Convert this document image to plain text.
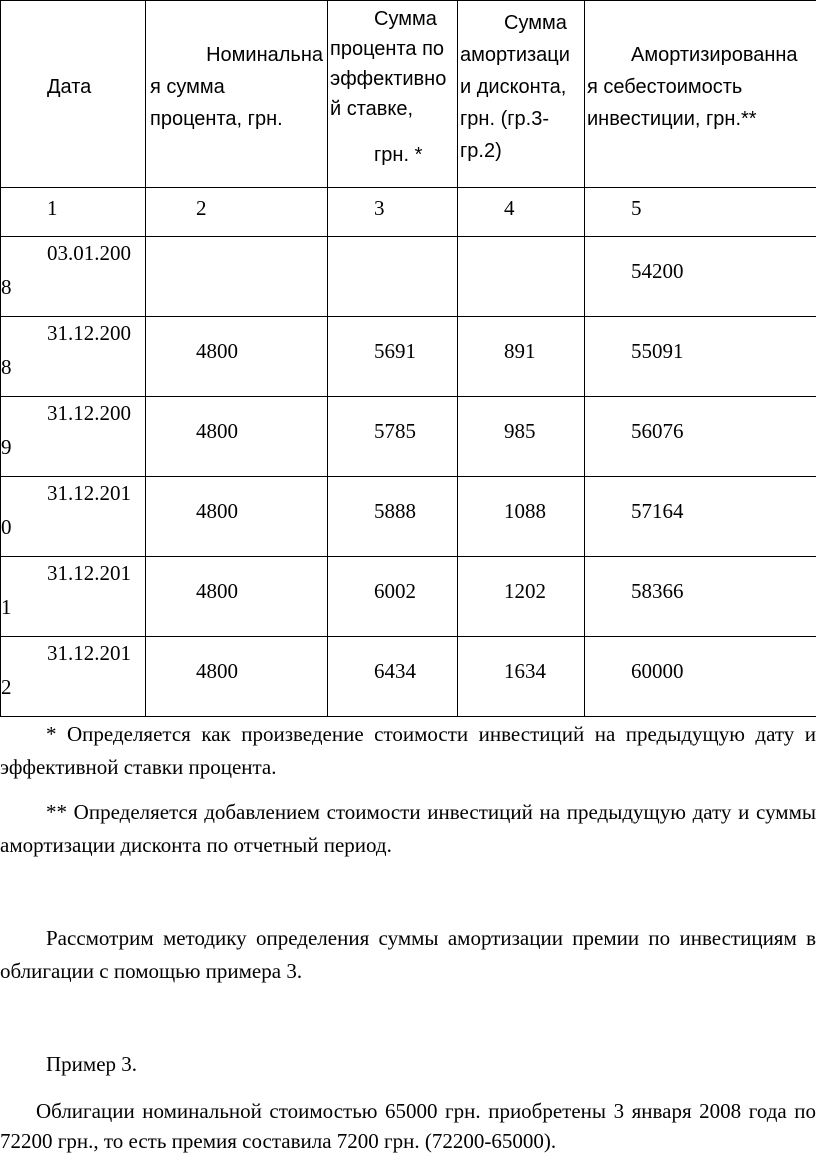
Дата	Номинальна
я сумма
процента, грн.	Сумма
процента по
эффективно
й ставке,
грн. *	Сумма
амортизаци
и дисконта,
грн. (гр.3-
гр.2)	Амортизированна
я себестоимость
инвестиции, грн.**

1	2	3	4	5

03.01.200
8				54200

31.12.200
8	4800	5691	891	55091

31.12.200
9	4800	5785	985	56076

31.12.201
0	4800	5888	1088	57164

31.12.201
1	4800	6002	1202	58366

31.12.201
2	4800	6434	1634	60000

* Определяется как произведение стоимости инвестиций на предыдущую дату и эффективной ставки процента.

** Определяется добавлением стоимости инвестиций на предыдущую дату и суммы амортизации дисконта по отчетный период.

Рассмотрим методику определения суммы амортизации премии по инвестициям в облигации с помощью примера 3.

Пример 3.

Облигации номинальной стоимостью 65000 грн. приобретены 3 января 2008 года по 72200 грн., то есть премия составила 7200 грн. (72200-65000).
